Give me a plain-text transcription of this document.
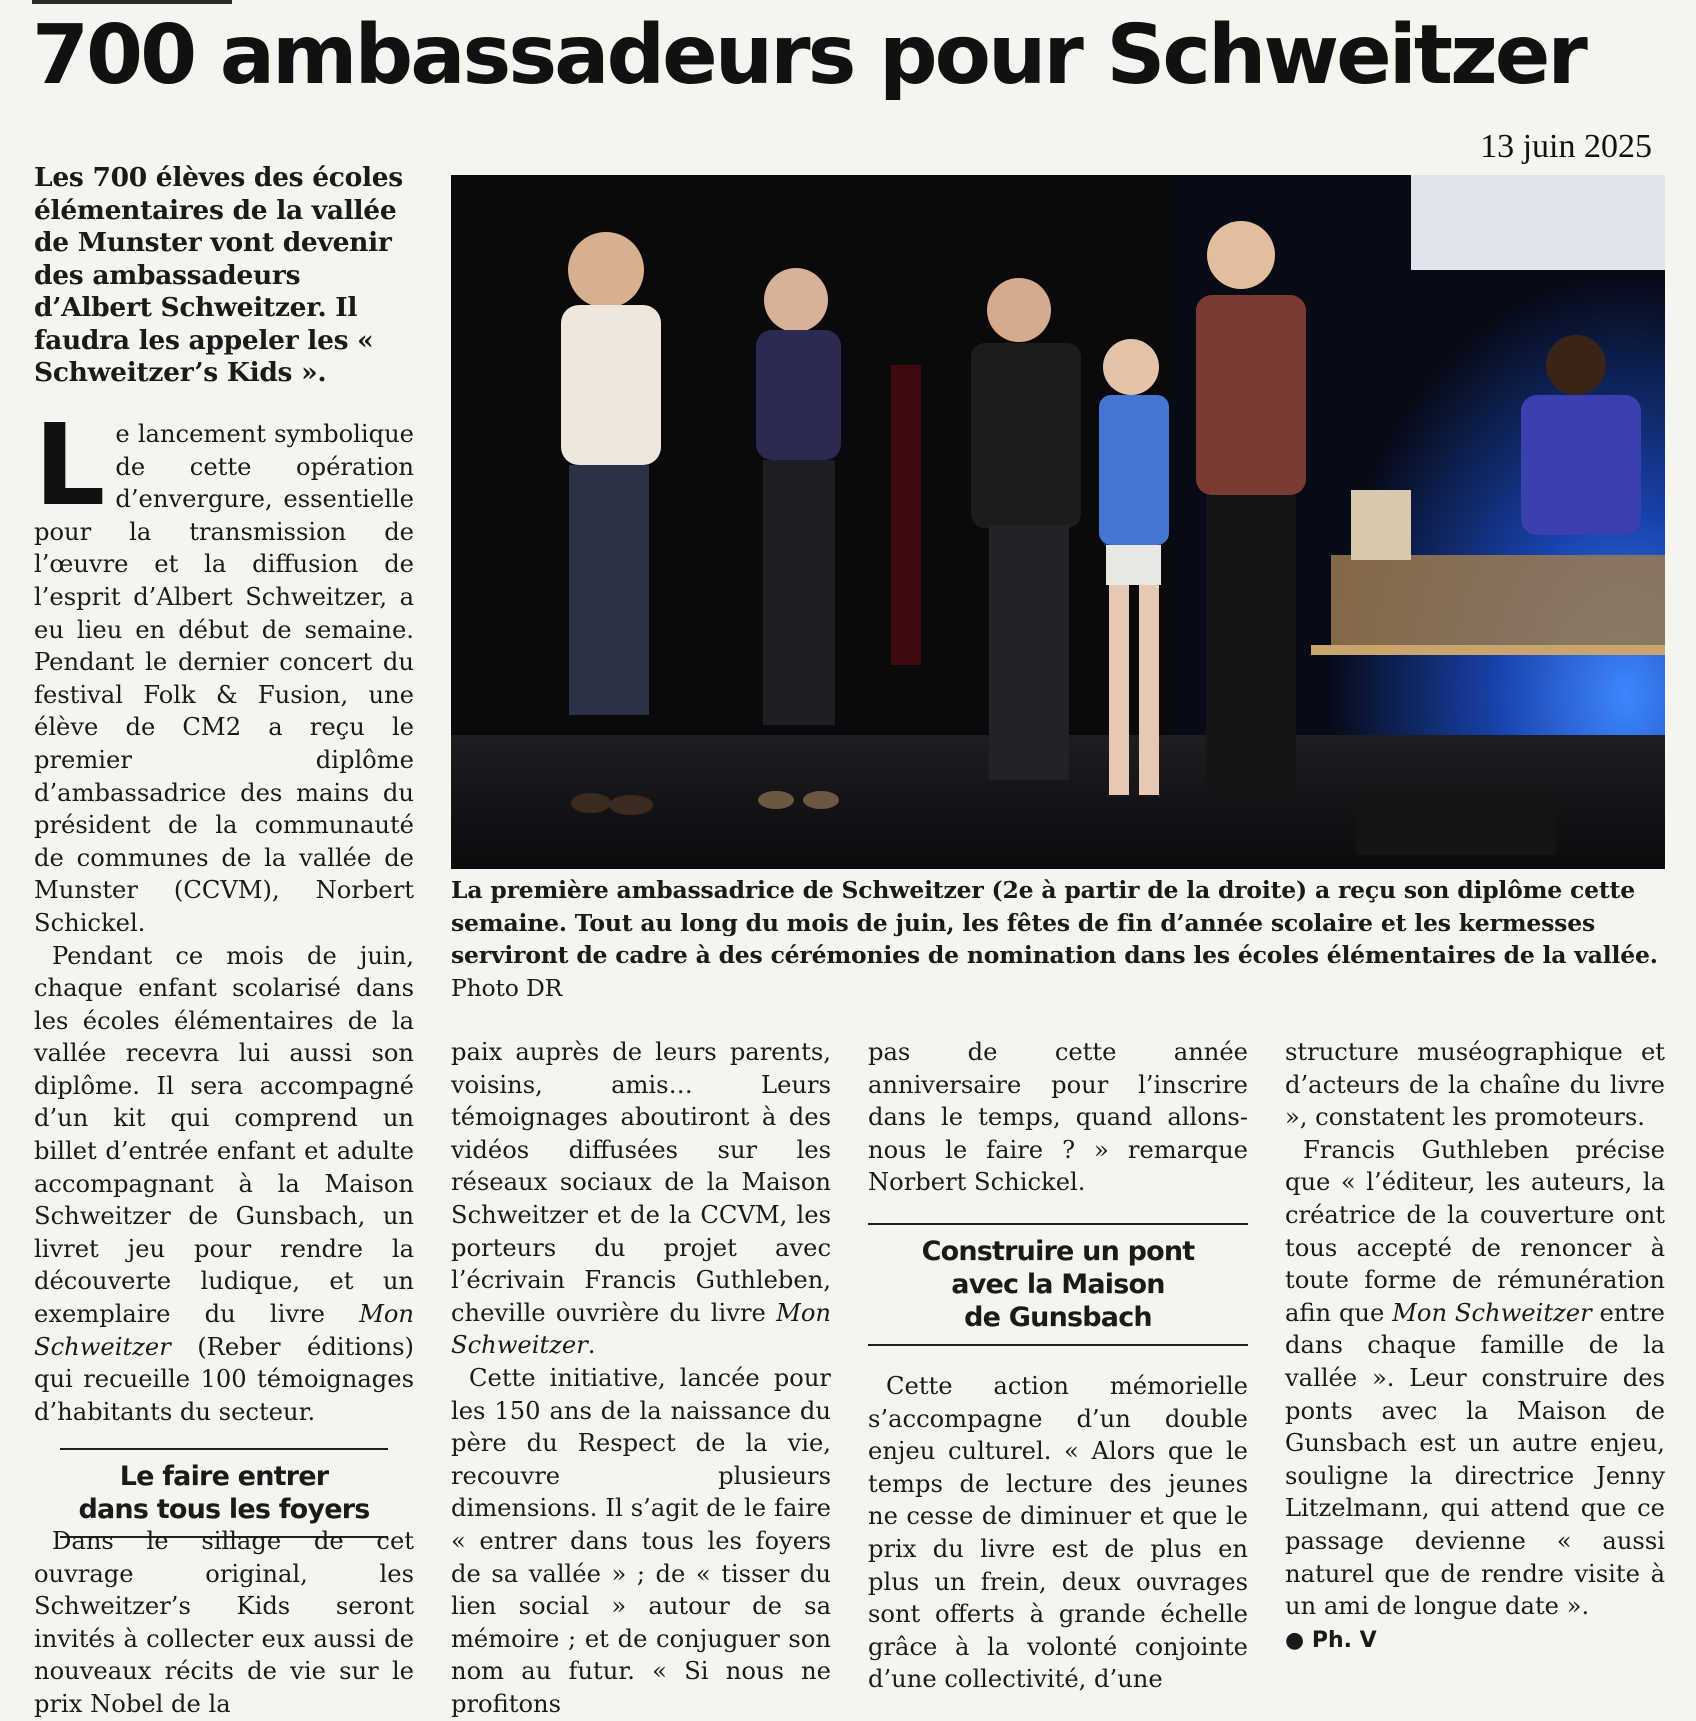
700 ambassadeurs pour Schweitzer
13 juin 2025
Les 700 élèves des écoles élémentaires de la vallée de Munster vont devenir des ambassadeurs d’Albert Schweitzer. Il faudra les appeler les « Schweitzer’s Kids ».
La première ambassadrice de Schweitzer (2e à partir de la droite) a reçu son diplôme cette semaine. Tout au long du mois de juin, les fêtes de fin d’année scolaire et les kermesses serviront de cadre à des cérémonies de nomination dans les écoles élémentaires de la vallée. Photo DR

Le lancement symbolique de cette opération d’envergure, essentielle pour la transmission de l’œuvre et la diffusion de l’esprit d’Albert Schweitzer, a eu lieu en début de semaine. Pendant le dernier concert du festival Folk & Fusion, une élève de CM2 a reçu le premier diplôme d’ambassadrice des mains du président de la communauté de communes de la vallée de Munster (CCVM), Norbert Schickel.

Pendant ce mois de juin, chaque enfant scolarisé dans les écoles élémentaires de la vallée recevra lui aussi son diplôme. Il sera accompagné d’un kit qui comprend un billet d’entrée enfant et adulte accompagnant à la Maison Schweitzer de Gunsbach, un livret jeu pour rendre la découverte ludique, et un exemplaire du livre Mon Schweitzer (Reber éditions) qui recueille 100 témoignages d’habitants du secteur.

Le faire entrer
dans tous les foyers

Dans le sillage de cet ouvrage original, les Schweitzer’s Kids seront invités à collecter eux aussi de nouveaux récits de vie sur le prix Nobel de la

paix auprès de leurs parents, voisins, amis… Leurs témoignages aboutiront à des vidéos diffusées sur les réseaux sociaux de la Maison Schweitzer et de la CCVM, les porteurs du projet avec l’écrivain Francis Guthleben, cheville ouvrière du livre Mon Schweitzer.

Cette initiative, lancée pour les 150 ans de la naissance du père du Respect de la vie, recouvre plusieurs dimensions. Il s’agit de le faire « entrer dans tous les foyers de sa vallée » ; de « tisser du lien social » autour de sa mémoire ; et de conjuguer son nom au futur. « Si nous ne profitons

pas de cette année anniversaire pour l’inscrire dans le temps, quand allons-nous le faire ? » remarque Norbert Schickel.

Construire un pont
avec la Maison
de Gunsbach

Cette action mémorielle s’accompagne d’un double enjeu culturel. « Alors que le temps de lecture des jeunes ne cesse de diminuer et que le prix du livre est de plus en plus un frein, deux ouvrages sont offerts à grande échelle grâce à la volonté conjointe d’une collectivité, d’une

structure muséographique et d’acteurs de la chaîne du livre », constatent les promoteurs.

Francis Guthleben précise que « l’éditeur, les auteurs, la créatrice de la couverture ont tous accepté de renoncer à toute forme de rémunération afin que Mon Schweitzer entre dans chaque famille de la vallée ». Leur construire des ponts avec la Maison de Gunsbach est un autre enjeu, souligne la directrice Jenny Litzelmann, qui attend que ce passage devienne « aussi naturel que de rendre visite à un ami de longue date ».

● Ph. V
